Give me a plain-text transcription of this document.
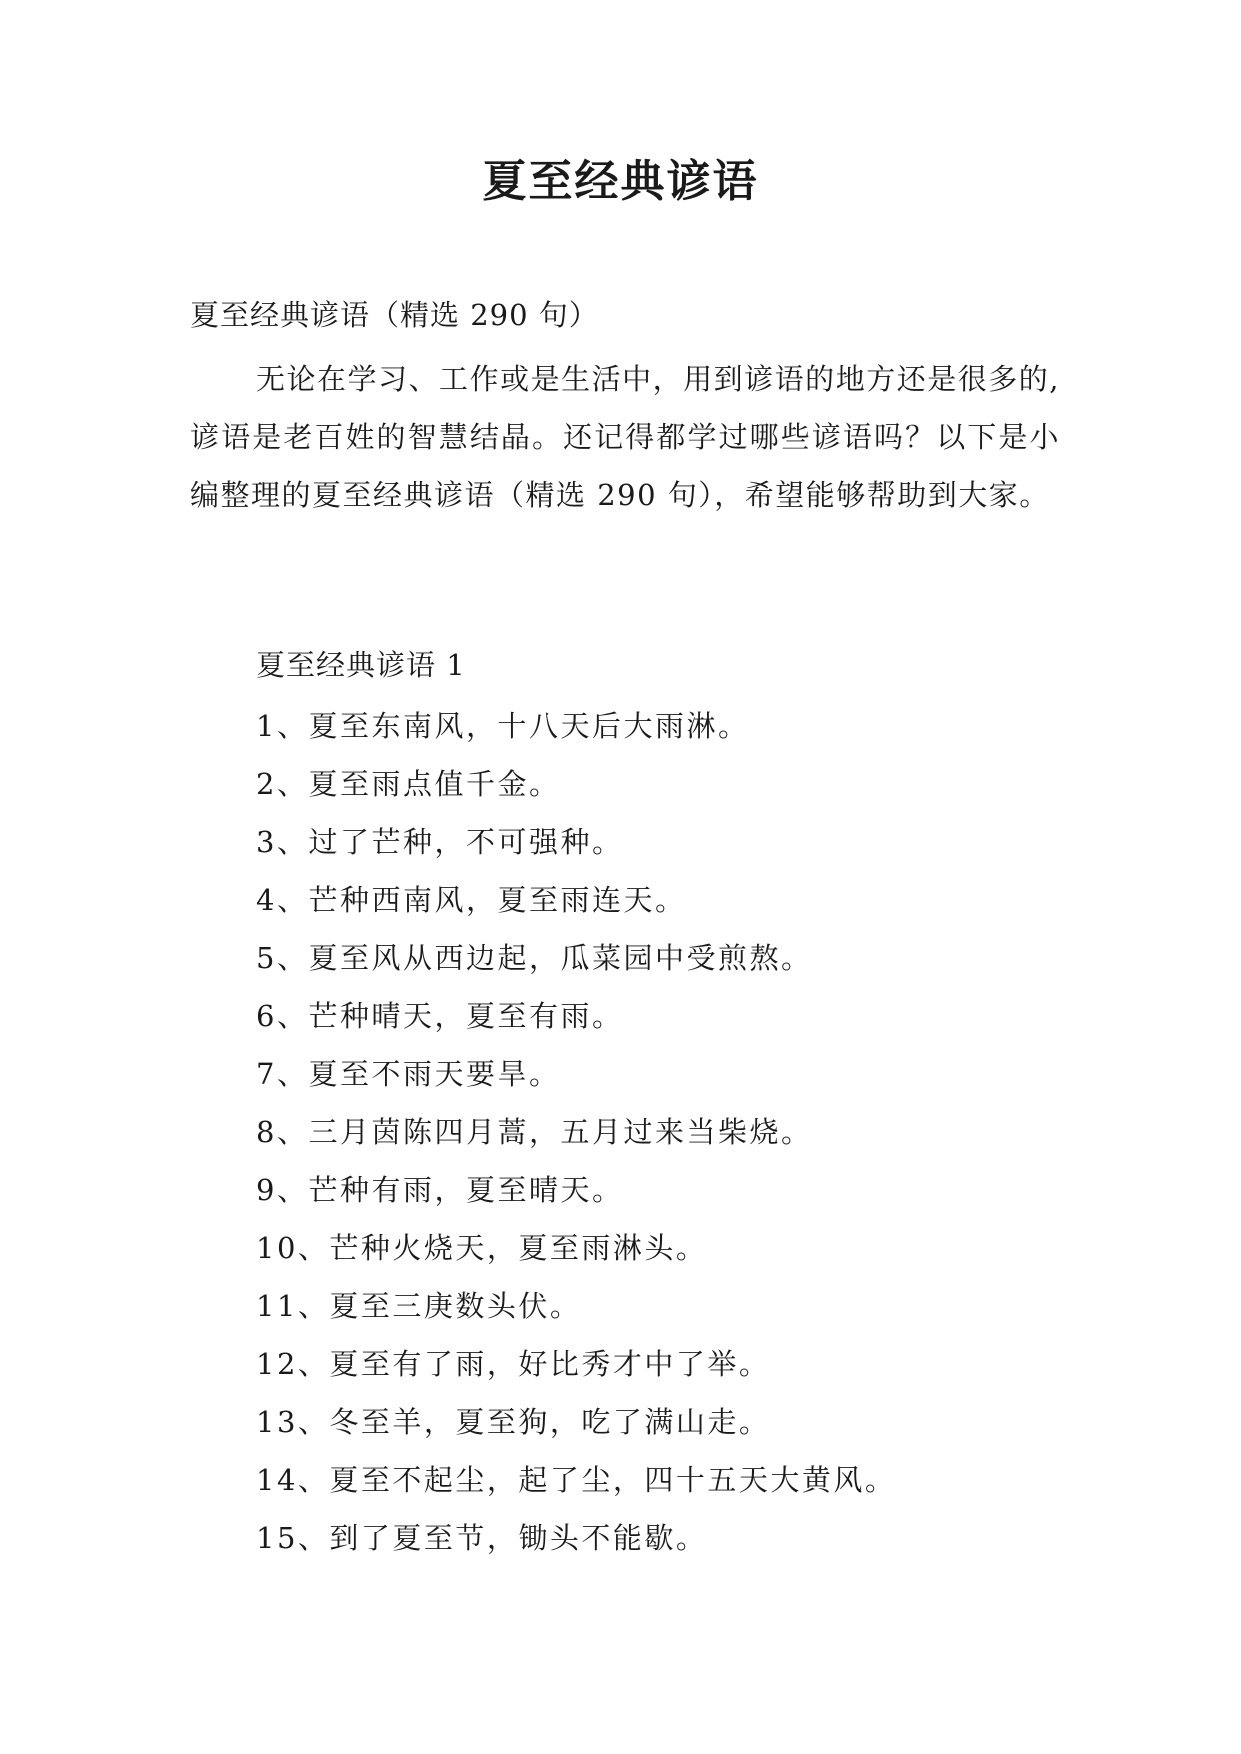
夏至经典谚语
夏至经典谚语（精选 290 句）

无论在学习、工作或是生活中，用到谚语的地方还是很多的,谚语是老百姓的智慧结晶。还记得都学过哪些谚语吗？以下是小编整理的夏至经典谚语（精选 290 句），希望能够帮助到大家。

夏至经典谚语 1
1、夏至东南风，十八天后大雨淋。
2、夏至雨点值千金。
3、过了芒种，不可强种。
4、芒种西南风，夏至雨连天。
5、夏至风从西边起，瓜菜园中受煎熬。
6、芒种晴天，夏至有雨。
7、夏至不雨天要旱。
8、三月茵陈四月蒿，五月过来当柴烧。
9、芒种有雨，夏至晴天。
10、芒种火烧天，夏至雨淋头。
11、夏至三庚数头伏。
12、夏至有了雨，好比秀才中了举。
13、冬至羊，夏至狗，吃了满山走。
14、夏至不起尘，起了尘，四十五天大黄风。
15、到了夏至节，锄头不能歇。
